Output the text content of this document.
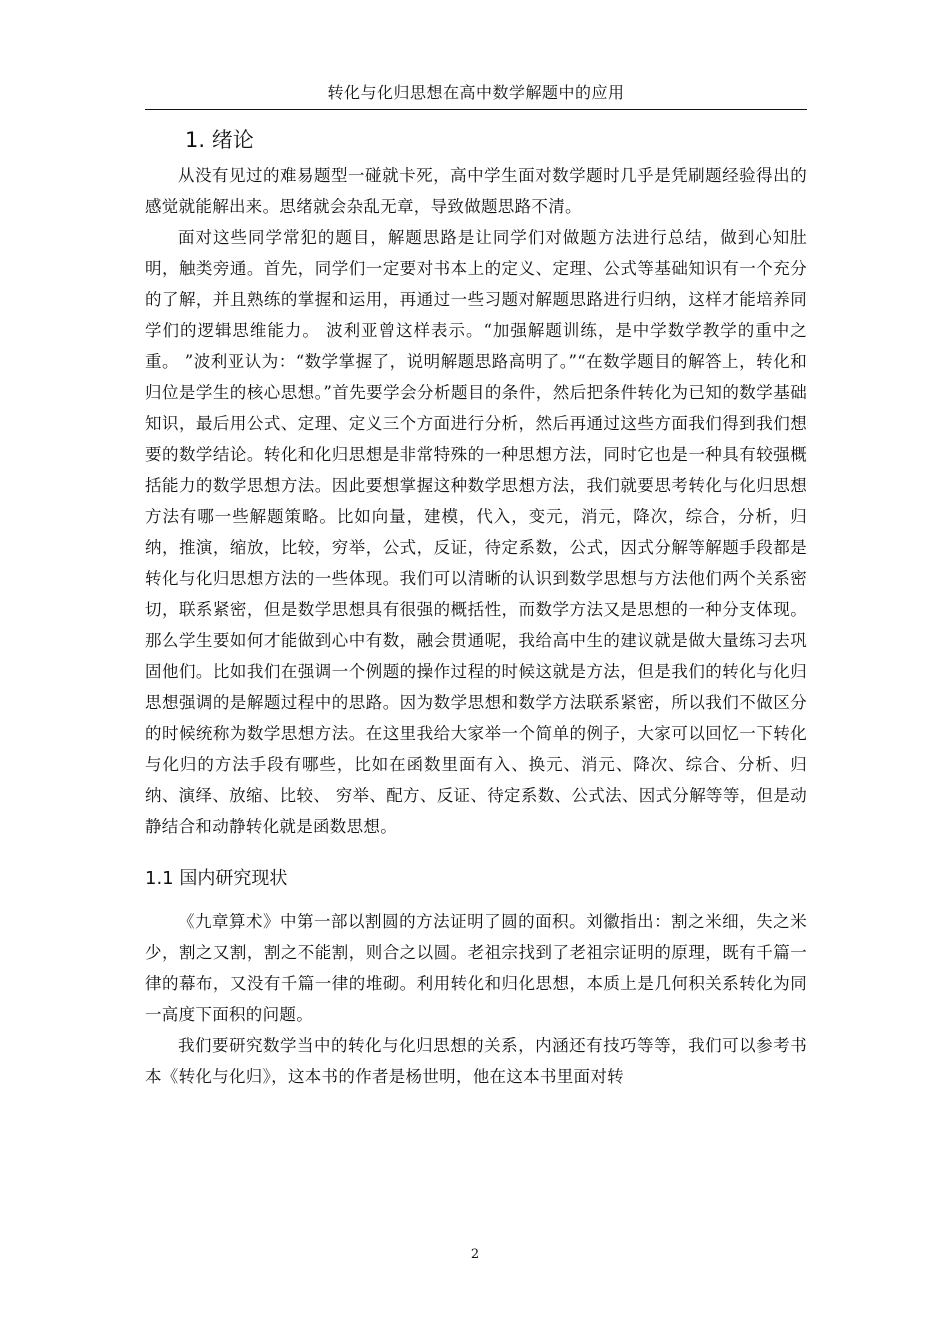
转化与化归思想在高中数学解题中的应用
1. 绪论

从没有见过的难易题型一碰就卡死，高中学生面对数学题时几乎是凭刷题经验得出的感觉就能解出来。思绪就会杂乱无章，导致做题思路不清。

面对这些同学常犯的题目，解题思路是让同学们对做题方法进行总结，做到心知肚明，触类旁通。首先，同学们一定要对书本上的定义、定理、公式等基础知识有一个充分的了解，并且熟练的掌握和运用，再通过一些习题对解题思路进行归纳，这样才能培养同学们的逻辑思维能力。 波利亚曾这样表示。“加强解题训练，是中学数学教学的重中之重。 ”波利亚认为：“数学掌握了，说明解题思路高明了。”“在数学题目的解答上，转化和归位是学生的核心思想。”首先要学会分析题目的条件，然后把条件转化为已知的数学基础知识，最后用公式、定理、定义三个方面进行分析，然后再通过这些方面我们得到我们想要的数学结论。转化和化归思想是非常特殊的一种思想方法，同时它也是一种具有较强概括能力的数学思想方法。因此要想掌握这种数学思想方法，我们就要思考转化与化归思想方法有哪一些解题策略。比如向量，建模，代入，变元，消元，降次，综合，分析，归纳，推演，缩放，比较，穷举，公式，反证，待定系数，公式，因式分解等解题手段都是转化与化归思想方法的一些体现。我们可以清晰的认识到数学思想与方法他们两个关系密切，联系紧密，但是数学思想具有很强的概括性，而数学方法又是思想的一种分支体现。那么学生要如何才能做到心中有数，融会贯通呢，我给高中生的建议就是做大量练习去巩固他们。比如我们在强调一个例题的操作过程的时候这就是方法，但是我们的转化与化归思想强调的是解题过程中的思路。因为数学思想和数学方法联系紧密，所以我们不做区分的时候统称为数学思想方法。在这里我给大家举一个简单的例子，大家可以回忆一下转化与化归的方法手段有哪些，比如在函数里面有入、换元、消元、降次、综合、分析、归纳、演绎、放缩、比较、 穷举、配方、反证、待定系数、公式法、因式分解等等，但是动静结合和动静转化就是函数思想。

1.1 国内研究现状

《九章算术》中第一部以割圆的方法证明了圆的面积。刘徽指出：割之米细，失之米少，割之又割，割之不能割，则合之以圆。老祖宗找到了老祖宗证明的原理，既有千篇一律的幕布，又没有千篇一律的堆砌。利用转化和归化思想，本质上是几何积关系转化为同一高度下面积的问题。

我们要研究数学当中的转化与化归思想的关系，内涵还有技巧等等，我们可以参考书本《转化与化归》，这本书的作者是杨世明，他在这本书里面对转

2
